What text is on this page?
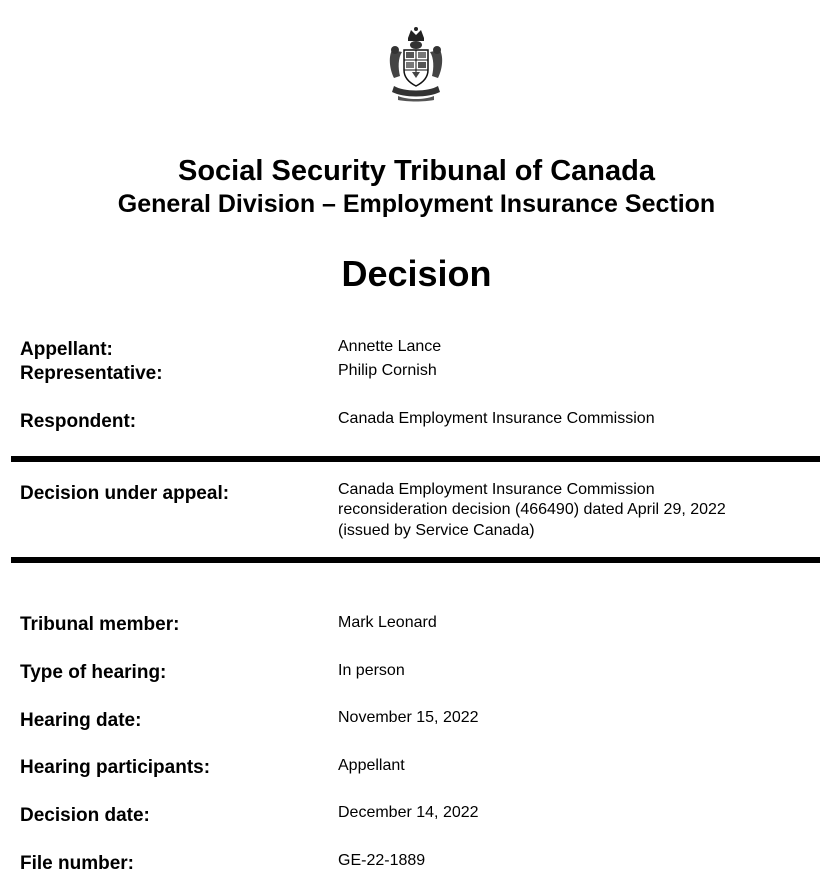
Social Security Tribunal of Canada
General Division – Employment Insurance Section
Decision
Appellant:	Annette Lance
Representative:	Philip Cornish
Respondent:	Canada Employment Insurance Commission
Decision under appeal:	Canada Employment Insurance Commission
reconsideration decision (466490) dated April 29, 2022
(issued by Service Canada)
Tribunal member:	Mark Leonard
Type of hearing:	In person
Hearing date:	November 15, 2022
Hearing participants:	Appellant
Decision date:	December 14, 2022
File number:	GE-22-1889
